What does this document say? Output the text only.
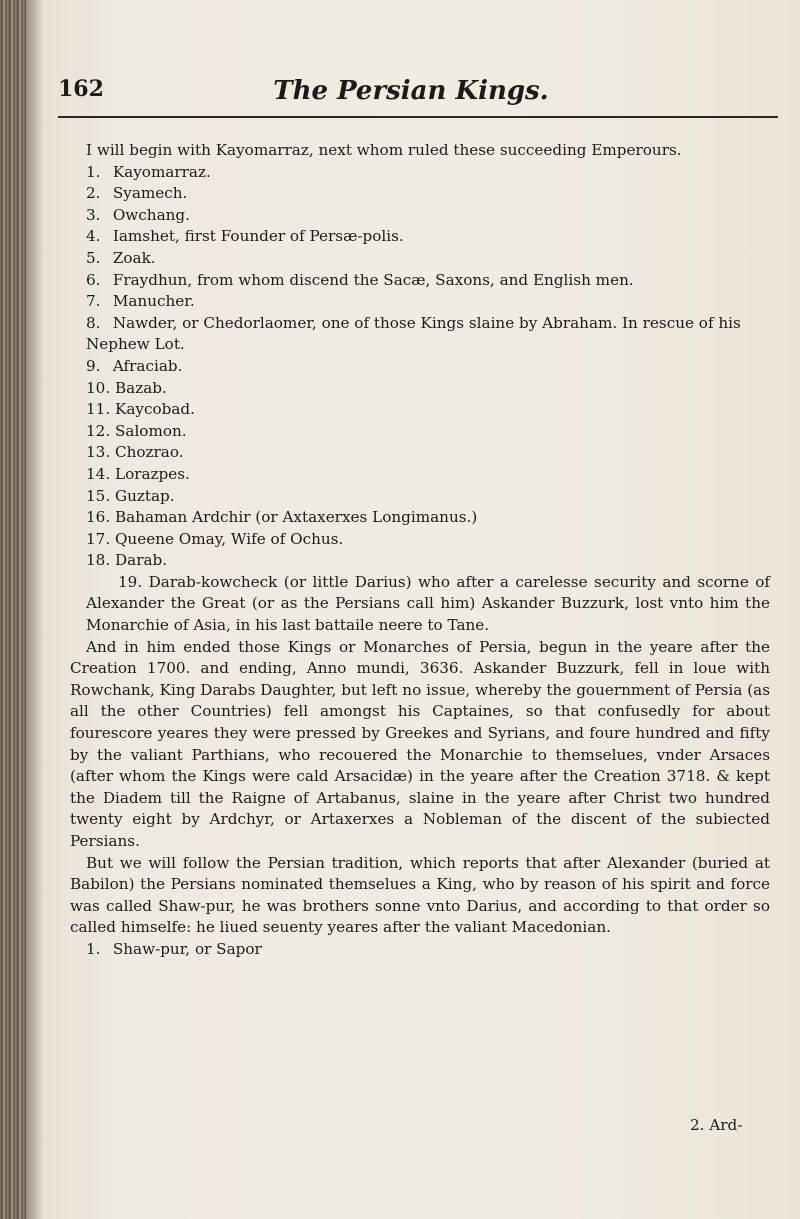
162	The Persian Kings.

I will begin with Kayomarraz, next whom ruled these succeeding Emperours.

1. Kayomarraz.

2. Syamech.

3. Owchang.

4. Iamshet, first Founder of Persæ-polis.

5. Zoak.

6. Fraydhun, from whom discend the Sacæ, Saxons, and English men.

7. Manucher.

8. Nawder, or Chedorlaomer, one of those Kings slaine by Abraham. In rescue of his Nephew Lot.

9. Afraciab.

10. Bazab.

11. Kaycobad.

12. Salomon.

13. Chozrao.

14. Lorazpes.

15. Guztap.

16. Bahaman Ardchir (or Axtaxerxes Longimanus.)

17. Queene Omay, Wife of Ochus.

18. Darab.

19. Darab-kowcheck (or little Darius) who after a carelesse security and scorne of Alexander the Great (or as the Persians call him) Askander Buzzurk, lost vnto him the Monarchie of Asia, in his last battaile neere to Tane.

And in him ended those Kings or Monarches of Persia, begun in the yeare after the Creation 1700. and ending, Anno mundi, 3636. Askander Buzzurk, fell in loue with Rowchank, King Darabs Daughter, but left no issue, whereby the gouernment of Persia (as all the other Countries) fell amongst his Captaines, so that confusedly for about fourescore yeares they were pressed by Greekes and Syrians, and foure hundred and fifty by the valiant Parthians, who recouered the Monarchie to themselues, vnder Arsaces (after whom the Kings were cald Arsacidæ) in the yeare after the Creation 3718. & kept the Diadem till the Raigne of Artabanus, slaine in the yeare after Christ two hundred twenty eight by Ardchyr, or Artaxerxes a Nobleman of the discent of the subiected Persians.

But we will follow the Persian tradition, which reports that after Alexander (buried at Babilon) the Persians nominated themselues a King, who by reason of his spirit and force was called Shaw-pur, he was brothers sonne vnto Darius, and according to that order so called himselfe: he liued seuenty yeares after the valiant Macedonian.

1. Shaw-pur, or Sapor

2. Ard-
